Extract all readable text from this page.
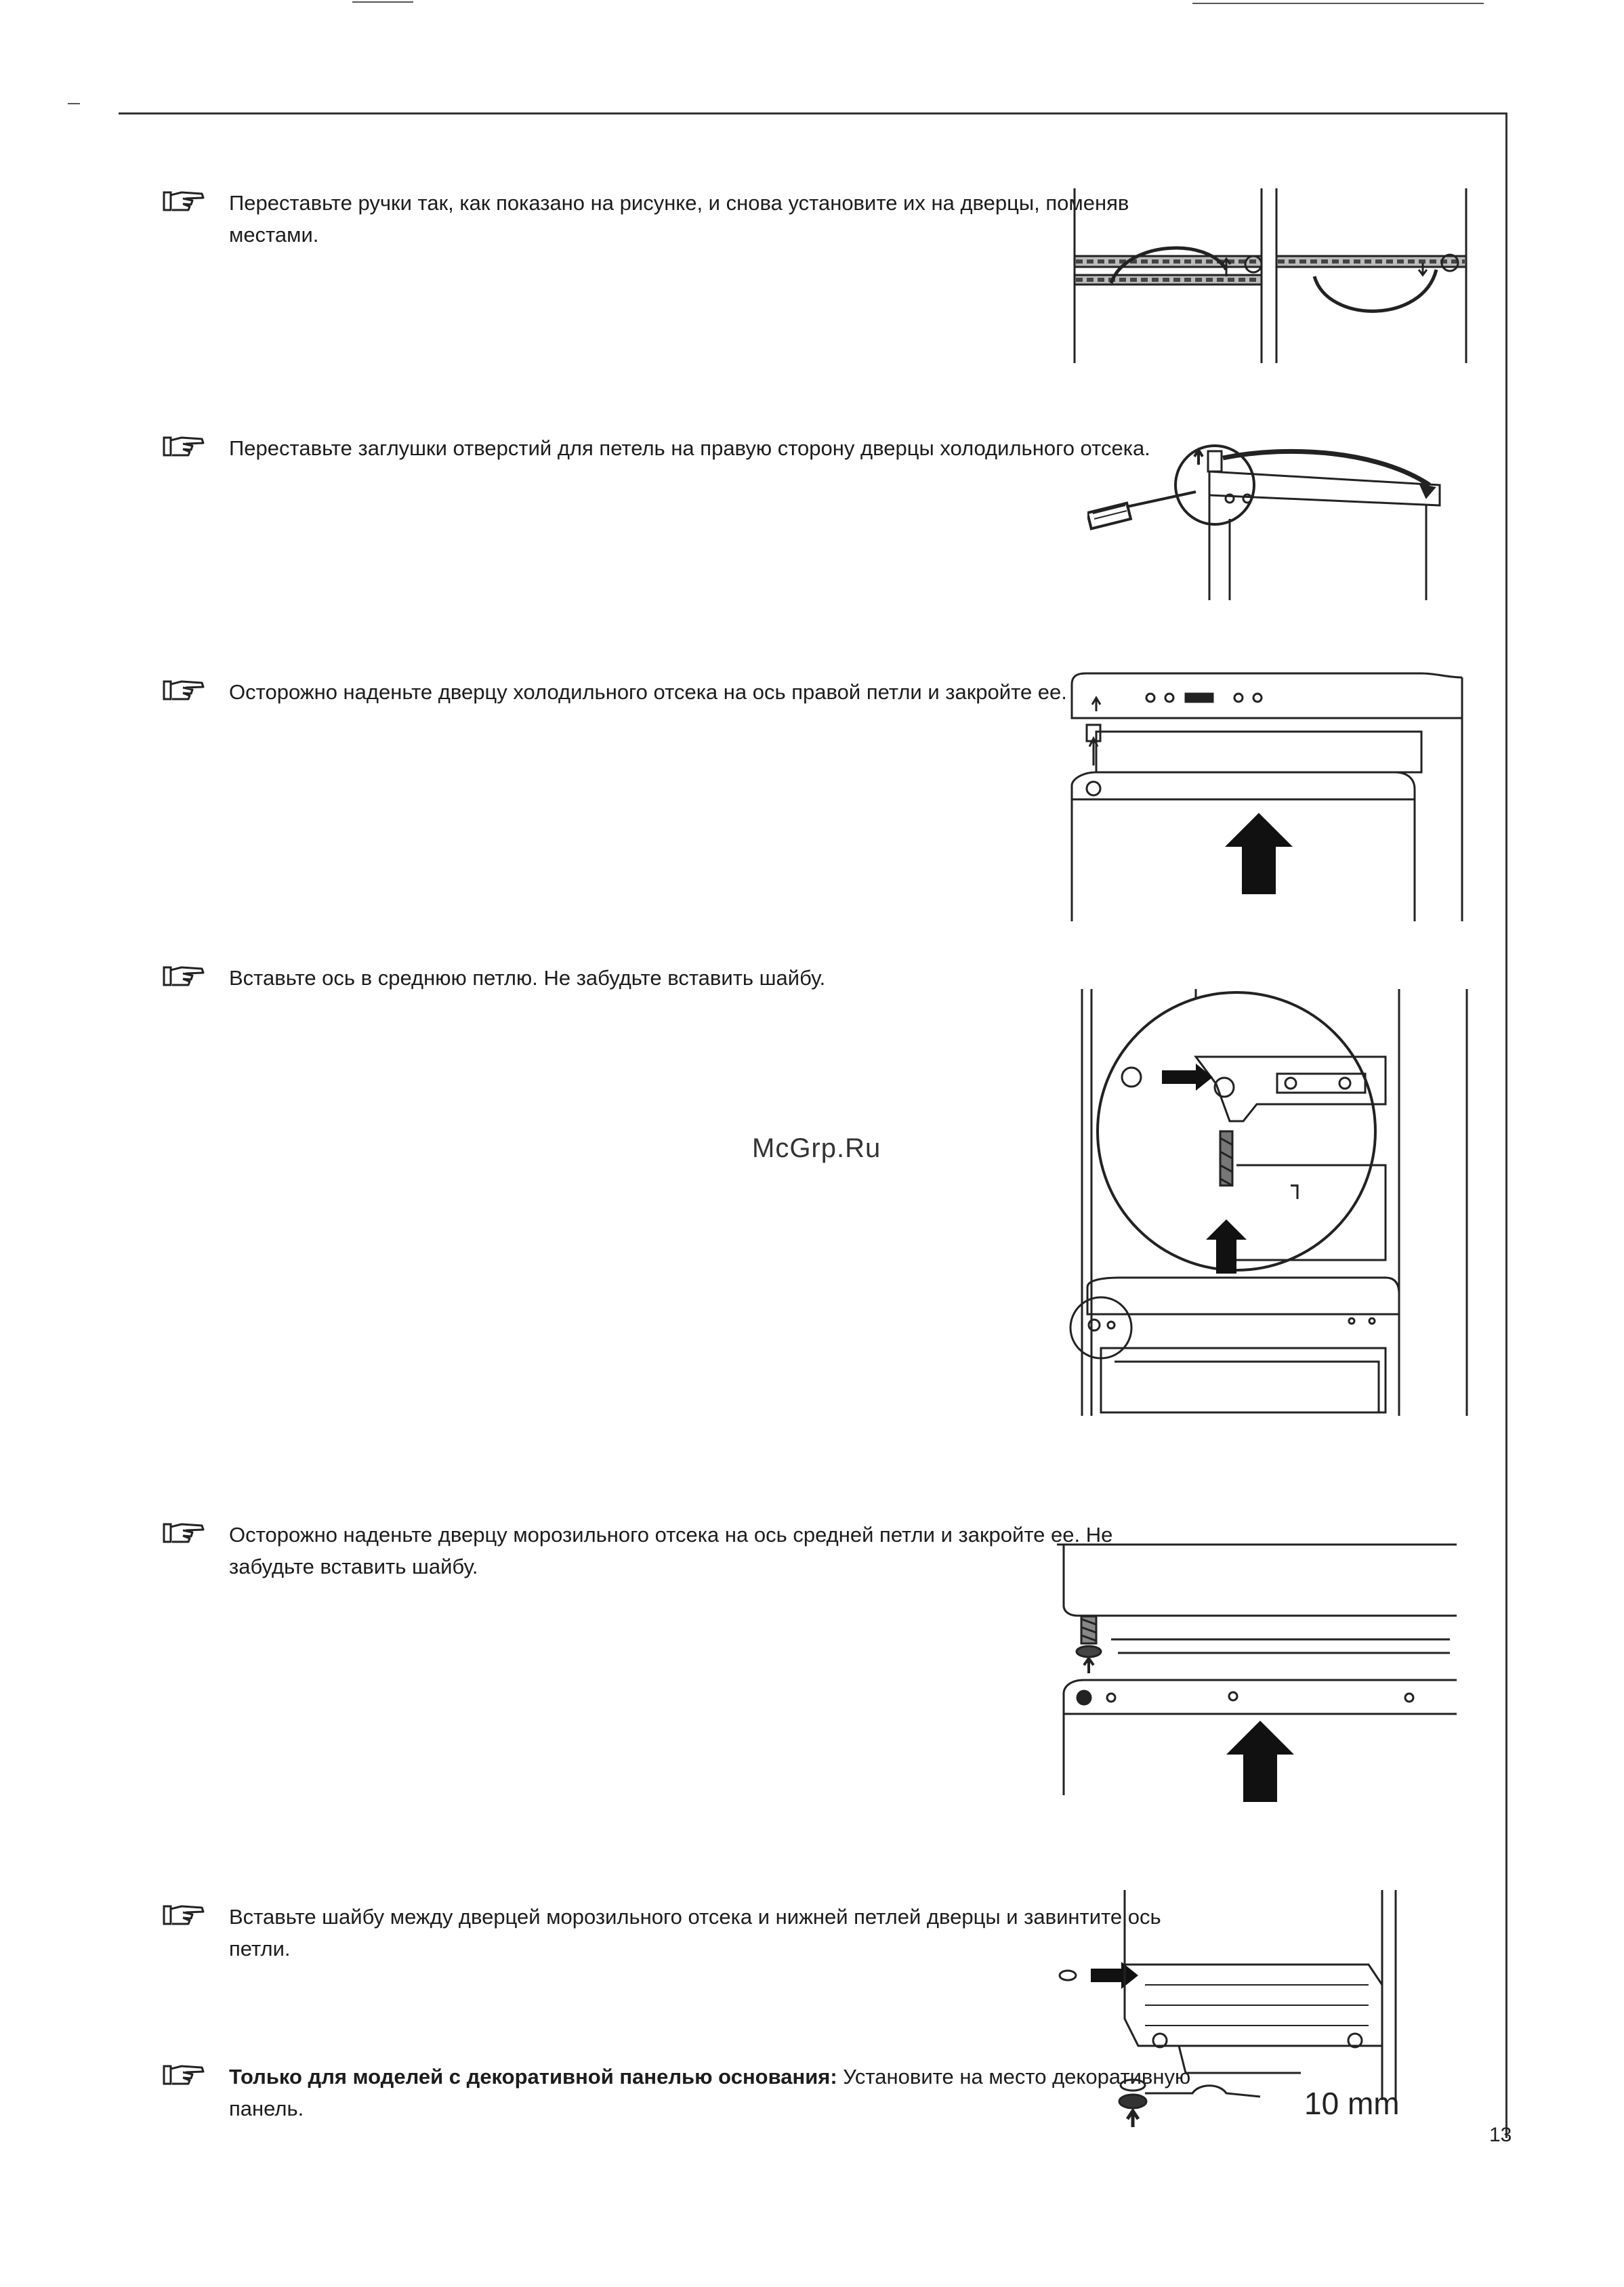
Переставьте ручки так, как показано на рисунке, и снова установите их на дверцы, поменяв местами.
Переставьте заглушки отверстий для петель на правую сторону дверцы холодильного отсека.
Осторожно наденьте дверцу холодильного отсека на ось правой петли и закройте ее.
Вставьте ось в среднюю петлю. Не забудьте вставить шайбу.
Осторожно наденьте дверцу морозильного отсека на ось средней петли и закройте ее. Не забудьте вставить шайбу.
Вставьте шайбу между дверцей морозильного отсека и нижней петлей дверцы и завинтите ось петли.
Только для моделей с декоративной панелью основания: Установите на место декоративную панель.	10 mm
McGrp.Ru
13
